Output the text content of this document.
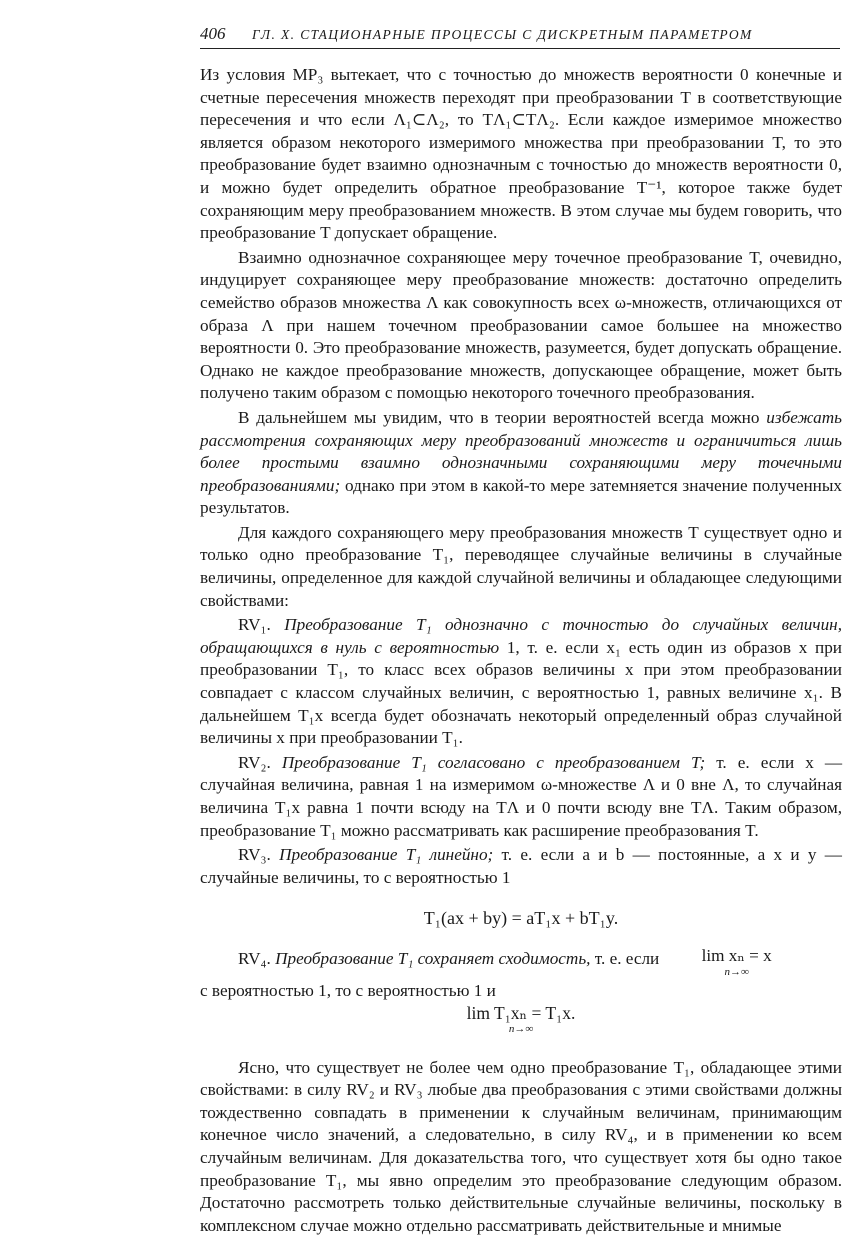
406	ГЛ. X. СТАЦИОНАРНЫЕ ПРОЦЕССЫ С ДИСКРЕТНЫМ ПАРАМЕТРОМ

Из условия MP₃ вытекает, что с точностью до множеств вероятности 0 конечные и счетные пересечения множеств переходят при преобразовании T в соответствующие пересечения и что если Λ₁⊂Λ₂, то TΛ₁⊂TΛ₂. Если каждое измеримое множество является образом некоторого измеримого множества при преобразовании T, то это преобразование будет взаимно однозначным с точностью до множеств вероятности 0, и можно будет определить обратное преобразование T⁻¹, которое также будет сохраняющим меру преобразованием множеств. В этом случае мы будем говорить, что преобразование T допускает обращение.

Взаимно однозначное сохраняющее меру точечное преобразование T, очевидно, индуцирует сохраняющее меру преобразование множеств: достаточно определить семейство образов множества Λ как совокупность всех ω-множеств, отличающихся от образа Λ при нашем точечном преобразовании самое большее на множество вероятности 0. Это преобразование множеств, разумеется, будет допускать обращение. Однако не каждое преобразование множеств, допускающее обращение, может быть получено таким образом с помощью некоторого точечного преобразования.

В дальнейшем мы увидим, что в теории вероятностей всегда можно избежать рассмотрения сохраняющих меру преобразований множеств и ограничиться лишь более простыми взаимно однозначными сохраняющими меру точечными преобразованиями; однако при этом в какой-то мере затемняется значение полученных результатов.

Для каждого сохраняющего меру преобразования множеств T существует одно и только одно преобразование T₁, переводящее случайные величины в случайные величины, определенное для каждой случайной величины и обладающее следующими свойствами:

RV₁. Преобразование T₁ однозначно с точностью до случайных величин, обращающихся в нуль с вероятностью 1, т. е. если x₁ есть один из образов x при преобразовании T₁, то класс всех образов величины x при этом преобразовании совпадает с классом случайных величин, с вероятностью 1, равных величине x₁. В дальнейшем T₁x всегда будет обозначать некоторый определенный образ случайной величины x при преобразовании T₁.

RV₂. Преобразование T₁ согласовано с преобразованием T; т. е. если x — случайная величина, равная 1 на измеримом ω-множестве Λ и 0 вне Λ, то случайная величина T₁x равна 1 почти всюду на TΛ и 0 почти всюду вне TΛ. Таким образом, преобразование T₁ можно рассматривать как расширение преобразования T.

RV₃. Преобразование T₁ линейно; т. е. если a и b — постоянные, a x и y — случайные величины, то с вероятностью 1

T₁(ax + by) = aT₁x + bT₁y.

RV₄. Преобразование T₁ сохраняет сходимость, т. е. если lim xₙ = x
n→∞

с вероятностью 1, то с вероятностью 1 и

lim T₁xₙ = T₁x.
n→∞

Ясно, что существует не более чем одно преобразование T₁, обладающее этими свойствами: в силу RV₂ и RV₃ любые два преобразования с этими свойствами должны тождественно совпадать в применении к случайным величинам, принимающим конечное число значений, а следовательно, в силу RV₄, и в применении ко всем случайным величинам. Для доказательства того, что существует хотя бы одно такое преобразование T₁, мы явно определим это преобразование следующим образом. Достаточно рассмотреть только действительные случайные величины, поскольку в комплексном случае можно отдельно рассматривать действительные и мнимые
